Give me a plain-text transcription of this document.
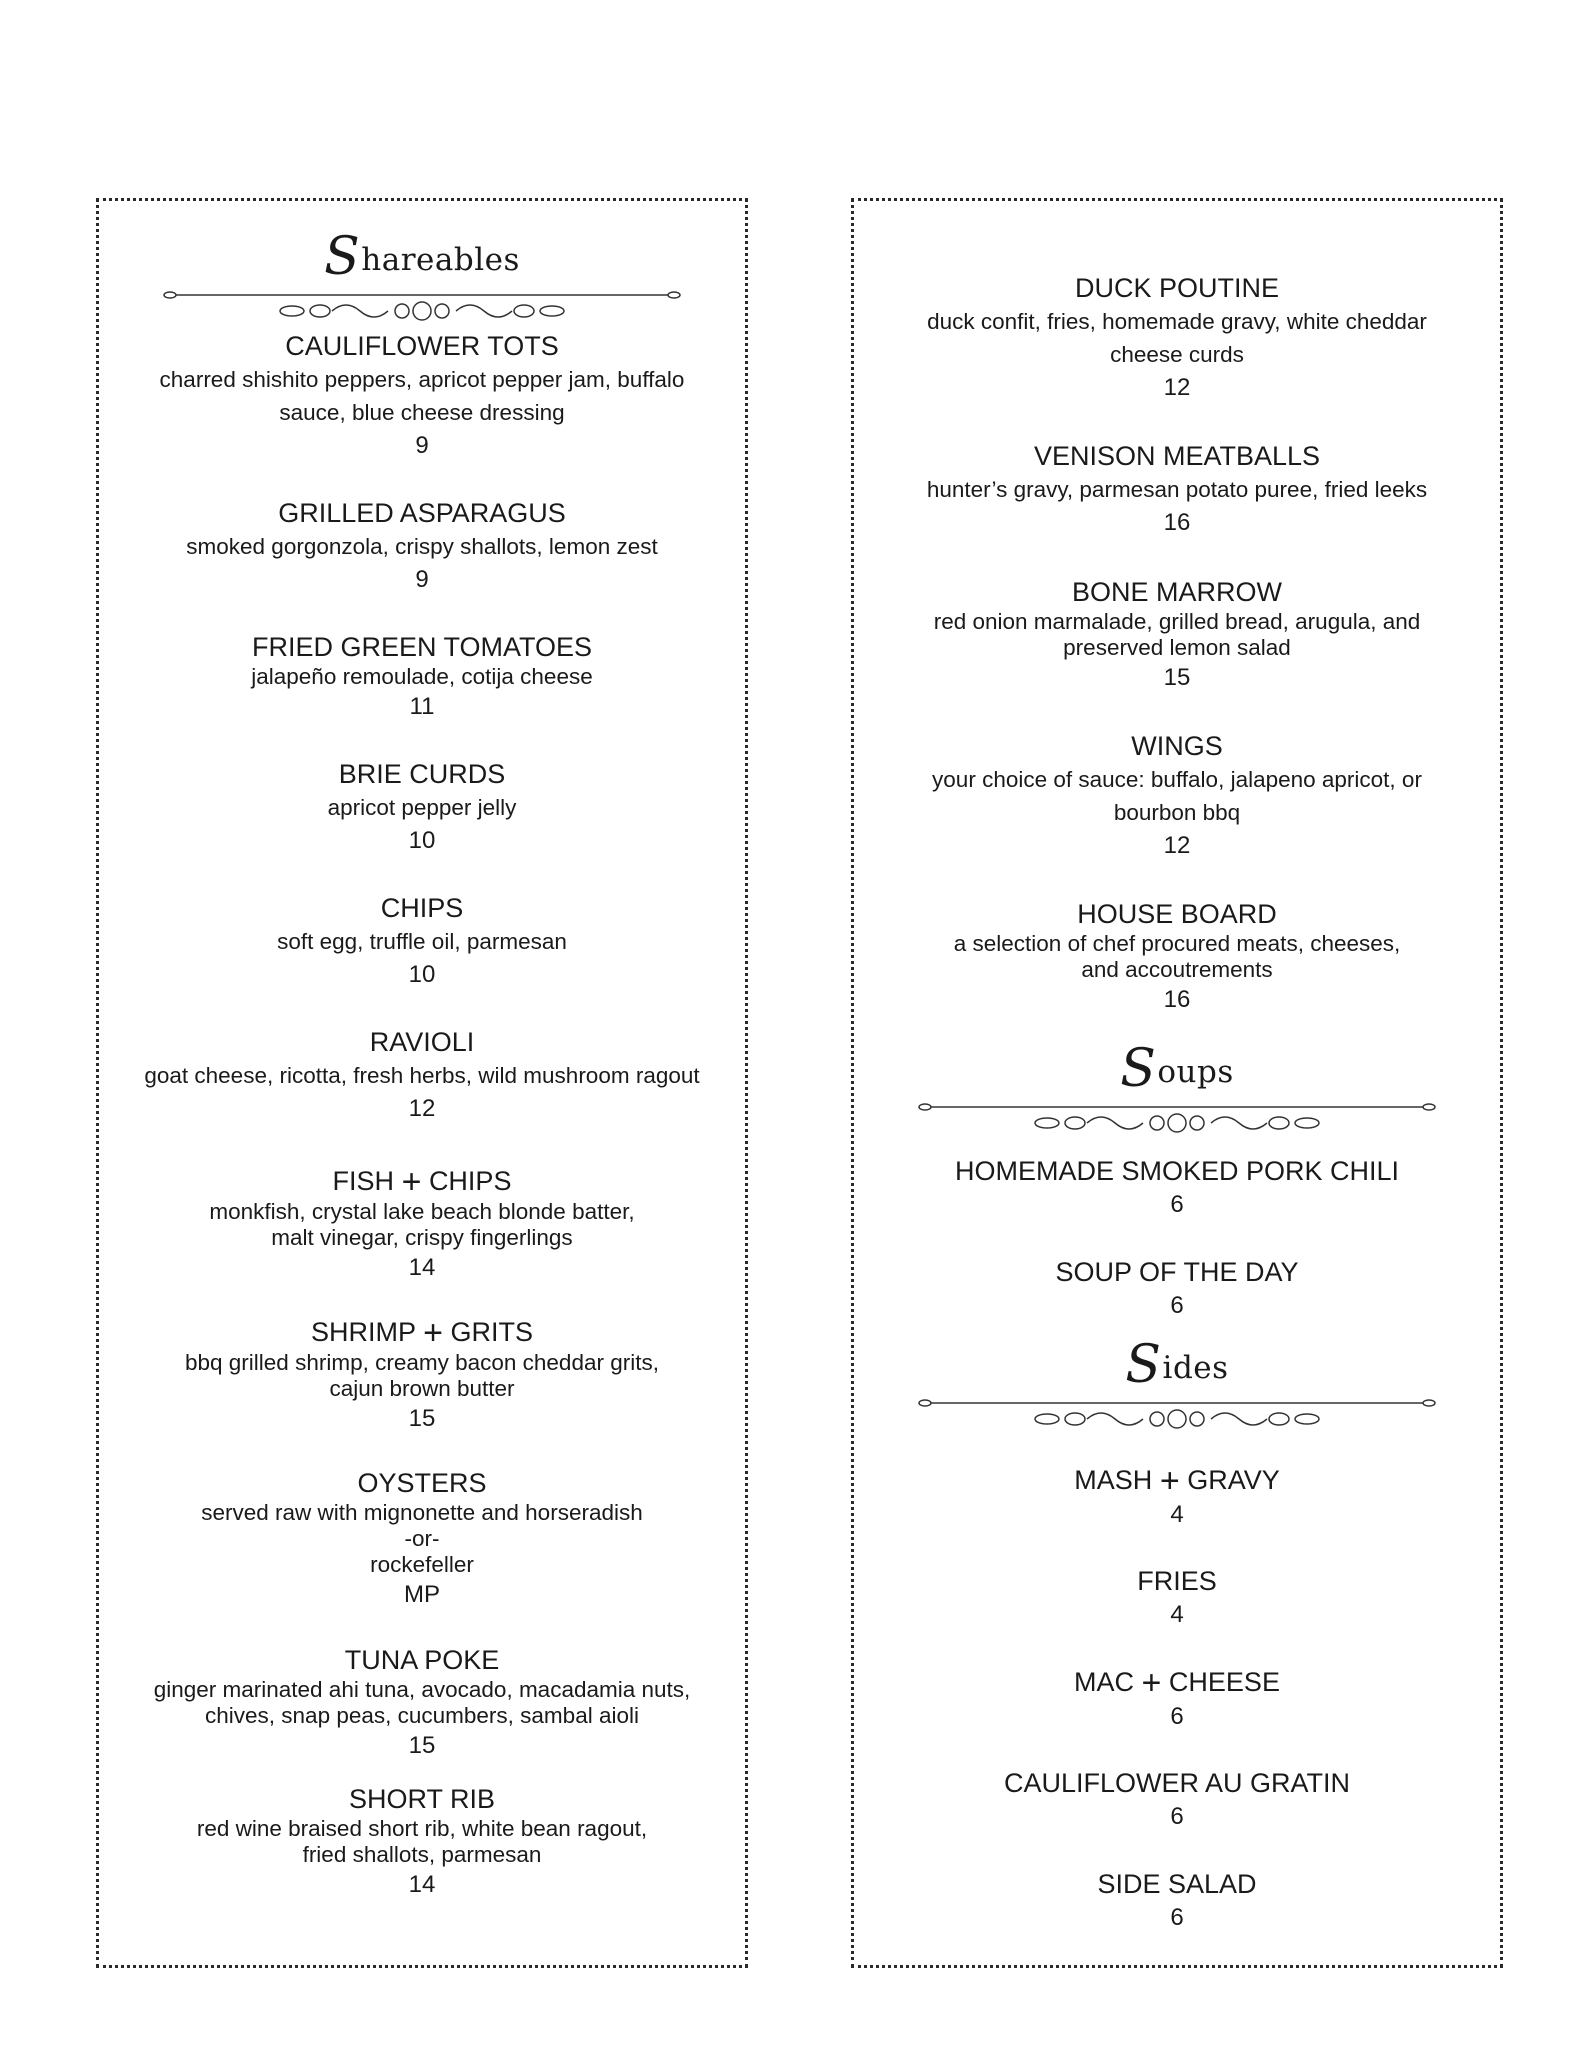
Shareables
CAULIFLOWER TOTS
charred shishito peppers, apricot pepper jam, buffalo
sauce, blue cheese dressing
9
GRILLED ASPARAGUS
smoked gorgonzola, crispy shallots, lemon zest
9
FRIED GREEN TOMATOES
jalapeño remoulade, cotija cheese
11
BRIE CURDS
apricot pepper jelly
10
CHIPS
soft egg, truffle oil, parmesan
10
RAVIOLI
goat cheese, ricotta, fresh herbs, wild mushroom ragout
12
FISH + CHIPS
monkfish, crystal lake beach blonde batter,
malt vinegar, crispy fingerlings
14
SHRIMP + GRITS
bbq grilled shrimp, creamy bacon cheddar grits,
cajun brown butter
15
OYSTERS
served raw with mignonette and horseradish
-or-
rockefeller
MP
TUNA POKE
ginger marinated ahi tuna, avocado, macadamia nuts,
chives, snap peas, cucumbers, sambal aioli
15
SHORT RIB
red wine braised short rib, white bean ragout,
fried shallots, parmesan
14
DUCK POUTINE
duck confit, fries, homemade gravy, white cheddar
cheese curds
12
VENISON MEATBALLS
hunter’s gravy, parmesan potato puree, fried leeks
16
BONE MARROW
red onion marmalade, grilled bread, arugula, and
preserved lemon salad
15
WINGS
your choice of sauce: buffalo, jalapeno apricot, or
bourbon bbq
12
HOUSE BOARD
a selection of chef procured meats, cheeses,
and accoutrements
16
Soups
HOMEMADE SMOKED PORK CHILI
6
SOUP OF THE DAY
6
Sides
MASH + GRAVY
4
FRIES
4
MAC + CHEESE
6
CAULIFLOWER AU GRATIN
6
SIDE SALAD
6
